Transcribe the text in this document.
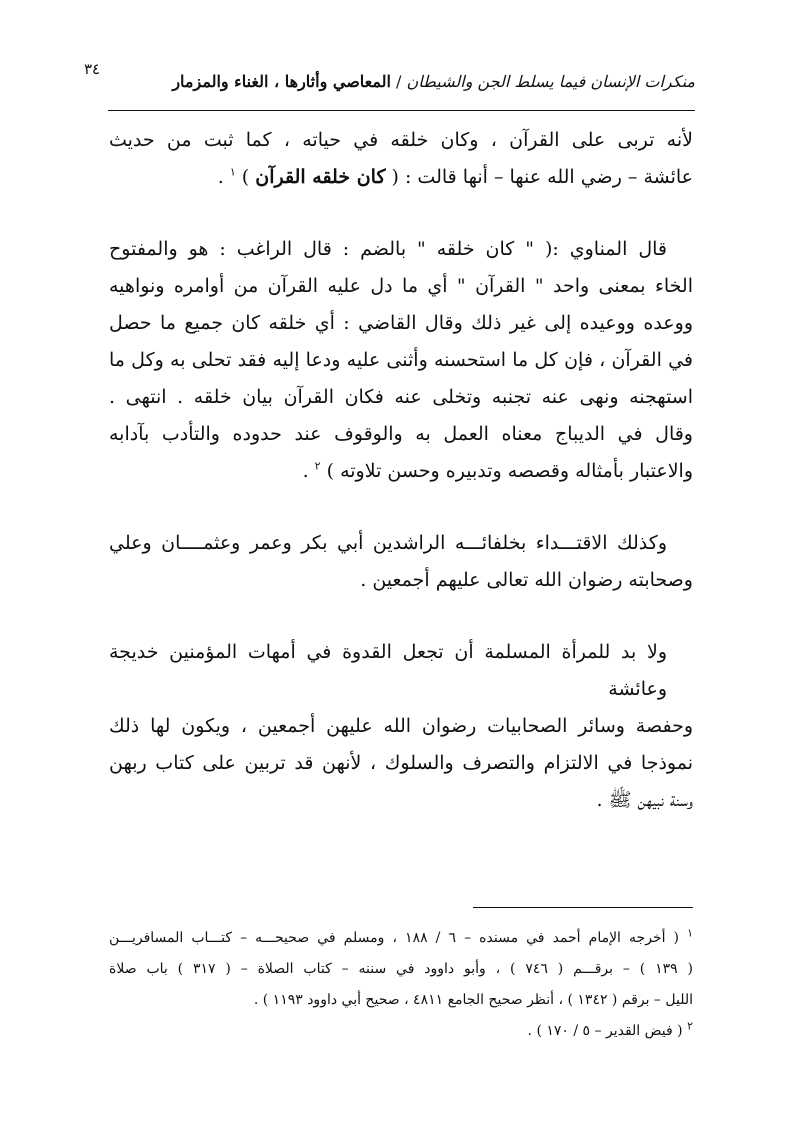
٣٤
منكرات الإنسان فيما يسلط الجن والشيطان / المعاصي وأثارها ، الغناء والمزمار

لأنه تربى على القرآن ، وكان خلقه في حياته ، كما ثبت من حديث
عائشة – رضي الله عنها – أنها قالت : ( كان خلقه القرآن ) $^١$ .

قال المناوي :( " كان خلقه " بالضم : قال الراغب : هو والمفتوح
الخاء بمعنى واحد " القرآن " أي ما دل عليه القرآن من أوامره ونواهيه
ووعده ووعيده إلى غير ذلك وقال القاضي : أي خلقه كان جميع ما حصل
في القرآن ، فإن كل ما استحسنه وأثنى عليه ودعا إليه فقد تحلى به وكل ما
استهجنه ونهى عنه تجنبه وتخلى عنه فكان القرآن بيان خلقه . انتهى .
وقال في الديباج معناه العمل به والوقوف عند حدوده والتأدب بآدابه
والاعتبار بأمثاله وقصصه وتدبيره وحسن تلاوته ) $^٢$ .

وكذلك الاقتـــداء بخلفائـــه الراشدين أبي بكر وعمر وعثمــــان وعلي
وصحابته رضوان الله تعالى عليهم أجمعين .

ولا بد للمرأة المسلمة أن تجعل القدوة في أمهات المؤمنين خديجة وعائشة
وحفصة وسائر الصحابيات رضوان الله عليهن أجمعين ، ويكون لها ذلك
نموذجا في الالتزام والتصرف والسلوك ، لأنهن قد تربين على كتاب ربهن
وسنة نبيهن ﷺ .

$^١$ ( أخرجه الإمام أحمد في مسنده – ٦ / ١٨٨ ، ومسلم في صحيحـــه – كتـــاب المسافريـــن
( ١٣٩ ) – برقـــم ( ٧٤٦ ) ، وأبو داوود في سننه – كتاب الصلاة – ( ٣١٧ ) باب صلاة
الليل – برقم ( ١٣٤٢ ) ، أنظر صحيح الجامع ٤٨١١ ، صحيح أبي داوود ١١٩٣ ) .
$^٢$ ( فيض القدير – ٥ / ١٧٠ ) .
